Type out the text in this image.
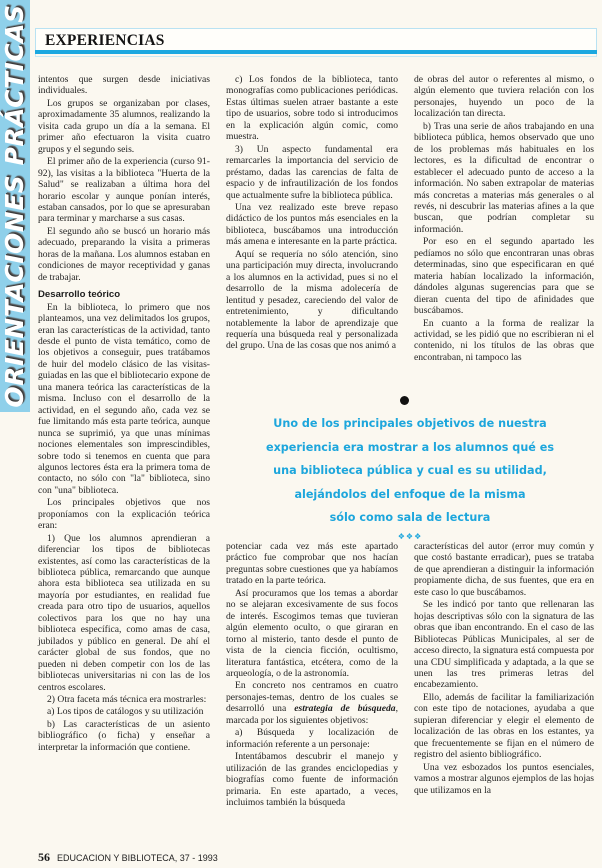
ORIENTACIONES PRÁCTICAS EXPERIENCIAS

intentos que surgen desde iniciativas individuales.

Los grupos se organizaban por clases, aproximadamente 35 alumnos, realizando la visita cada grupo un día a la semana. El primer año efectuaron la visita cuatro grupos y el segundo seis.

El primer año de la experiencia (curso 91-92), las visitas a la biblioteca "Huerta de la Salud" se realizaban a última hora del horario escolar y aunque ponían interés, estaban cansados, por lo que se apresuraban para terminar y marcharse a sus casas.

El segundo año se buscó un horario más adecuado, preparando la visita a primeras horas de la mañana. Los alumnos estaban en condiciones de mayor receptividad y ganas de trabajar.

Desarrollo teórico

En la biblioteca, lo primero que nos planteamos, una vez delimitados los grupos, eran las características de la actividad, tanto desde el punto de vista temático, como de los objetivos a conseguir, pues tratábamos de huir del modelo clásico de las visitas-guiadas en las que el bibliotecario expone de una manera teórica las características de la misma. Incluso con el desarrollo de la actividad, en el segundo año, cada vez se fue limitando más esta parte teórica, aunque nunca se suprimió, ya que unas mínimas nociones elementales son imprescindibles, sobre todo si tenemos en cuenta que para algunos lectores ésta era la primera toma de contacto, no sólo con "la" biblioteca, sino con "una" biblioteca.

Los principales objetivos que nos proponíamos con la explicación teórica eran:

1) Que los alumnos aprendieran a diferenciar los tipos de bibliotecas existentes, así como las características de la biblioteca pública, remarcando que aunque ahora esta biblioteca sea utilizada en su mayoría por estudiantes, en realidad fue creada para otro tipo de usuarios, aquellos colectivos para los que no hay una biblioteca específica, como amas de casa, jubilados y público en general. De ahí el carácter global de sus fondos, que no pueden ni deben competir con los de las bibliotecas universitarias ni con las de los centros escolares.

2) Otra faceta más técnica era mostrarles:

a) Los tipos de catálogos y su utilización

b) Las características de un asiento bibliográfico (o ficha) y enseñar a interpretar la información que contiene.

c) Los fondos de la biblioteca, tanto monografías como publicaciones periódicas. Estas últimas suelen atraer bastante a este tipo de usuarios, sobre todo si introducimos en la explicación algún comic, como muestra.

3) Un aspecto fundamental era remarcarles la importancia del servicio de préstamo, dadas las carencias de falta de espacio y de infrautilización de los fondos que actualmente sufre la biblioteca pública.

Una vez realizado este breve repaso didáctico de los puntos más esenciales en la biblioteca, buscábamos una introducción más amena e interesante en la parte práctica.

Aquí se requería no sólo atención, sino una participación muy directa, involucrando a los alumnos en la actividad, pues si no el desarrollo de la misma adolecería de lentitud y pesadez, careciendo del valor de entretenimiento, y dificultando notablemente la labor de aprendizaje que requería una búsqueda real y personalizada del grupo. Una de las cosas que nos animó a

de obras del autor o referentes al mismo, o algún elemento que tuviera relación con los personajes, huyendo un poco de la localización tan directa.

b) Tras una serie de años trabajando en una biblioteca pública, hemos observado que uno de los problemas más habituales en los lectores, es la dificultad de encontrar o establecer el adecuado punto de acceso a la información. No saben extrapolar de materias más concretas a materias más generales o al revés, ni descubrir las materias afines a la que buscan, que podrían completar su información.

Por eso en el segundo apartado les pedíamos no sólo que encontraran unas obras determinadas, sino que especificaran en qué materia habían localizado la información, dándoles algunas sugerencias para que se dieran cuenta del tipo de afinidades que buscábamos.

En cuanto a la forma de realizar la actividad, se les pidió que no escribieran ni el contenido, ni los títulos de las obras que encontraban, ni tampoco las

Uno de los principales objetivos de nuestra
experiencia era mostrar a los alumnos qué es
una biblioteca pública y cual es su utilidad,
alejándolos del enfoque de la misma
sólo como sala de lectura
❖❖❖

potenciar cada vez más este apartado práctico fue comprobar que nos hacían preguntas sobre cuestiones que ya habíamos tratado en la parte teórica.

Así procuramos que los temas a abordar no se alejaran excesivamente de sus focos de interés. Escogimos temas que tuvieran algún elemento oculto, o que giraran en torno al misterio, tanto desde el punto de vista de la ciencia ficción, ocultismo, literatura fantástica, etcétera, como de la arqueología, o de la astronomía.

En concreto nos centramos en cuatro personajes-temas, dentro de los cuales se desarrolló una estrategia de búsqueda, marcada por los siguientes objetivos:

a) Búsqueda y localización de información referente a un personaje:

Intentábamos descubrir el manejo y utilización de las grandes enciclopedias y biografías como fuente de información primaria. En este apartado, a veces, incluimos también la búsqueda

características del autor (error muy común y que costó bastante erradicar), pues se trataba de que aprendieran a distinguir la información propiamente dicha, de sus fuentes, que era en este caso lo que buscábamos.

Se les indicó por tanto que rellenaran las hojas descriptivas sólo con la signatura de las obras que iban encontrando. En el caso de las Bibliotecas Públicas Municipales, al ser de acceso directo, la signatura está compuesta por una CDU simplificada y adaptada, a la que se unen las tres primeras letras del encabezamiento.

Ello, además de facilitar la familiarización con este tipo de notaciones, ayudaba a que supieran diferenciar y elegir el elemento de localización de las obras en los estantes, ya que frecuentemente se fijan en el número de registro del asiento bibliográfico.

Una vez esbozados los puntos esenciales, vamos a mostrar algunos ejemplos de las hojas que utilizamos en la

56 EDUCACION Y BIBLIOTECA, 37 - 1993
